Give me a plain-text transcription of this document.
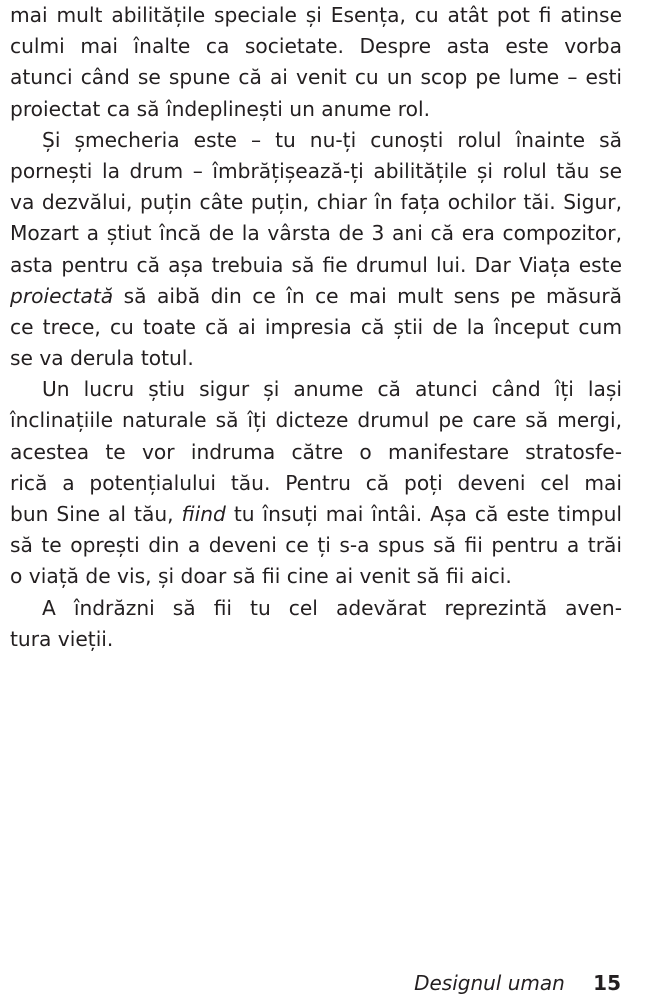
mai mult abilitățile speciale și Esența, cu atât pot fi atinse
culmi mai înalte ca societate. Despre asta este vorba
atunci când se spune că ai venit cu un scop pe lume – esti
proiectat ca să îndeplinești un anume rol.
Și șmecheria este – tu nu-ți cunoști rolul înainte să
pornești la drum – îmbrățișează-ți abilitățile și rolul tău se
va dezvălui, puțin câte puțin, chiar în fața ochilor tăi. Sigur,
Mozart a știut încă de la vârsta de 3 ani că era compozitor,
asta pentru că așa trebuia să fie drumul lui. Dar Viața este
proiectată să aibă din ce în ce mai mult sens pe măsură
ce trece, cu toate că ai impresia că știi de la început cum
se va derula totul.
Un lucru știu sigur și anume că atunci când îți lași
înclinațiile naturale să îți dicteze drumul pe care să mergi,
acestea te vor indruma către o manifestare stratosfe-
rică a potențialului tău. Pentru că poți deveni cel mai
bun Sine al tău, fiind tu însuți mai întâi. Așa că este timpul
să te oprești din a deveni ce ți s-a spus să fii pentru a trăi
o viață de vis, și doar să fii cine ai venit să fii aici.
A îndrăzni să fii tu cel adevărat reprezintă aven-
tura vieții.
Designul uman 15
